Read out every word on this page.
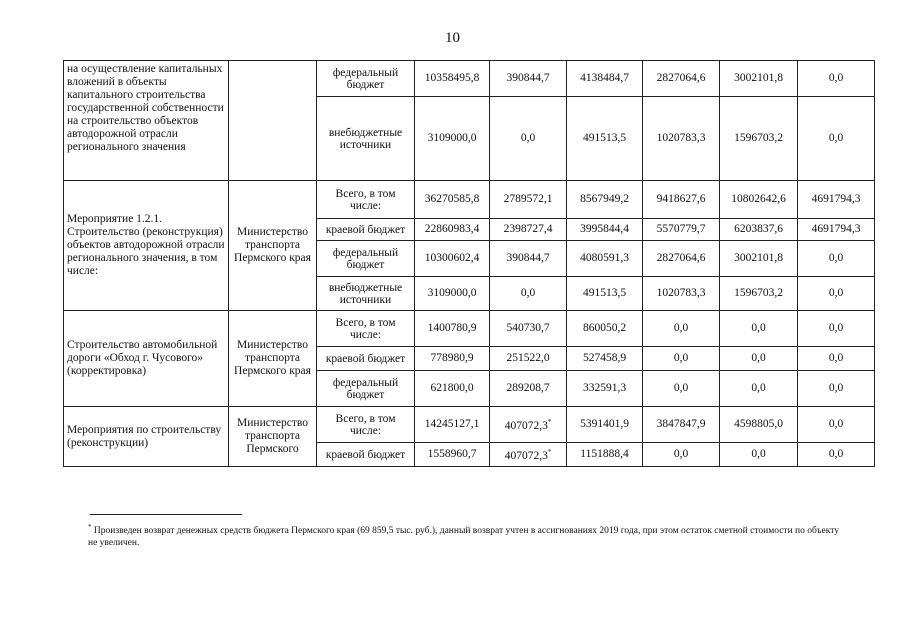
10
на осуществление капитальных вложений в объекты капитального строительства государственной собственности на строительство объектов автодорожной отрасли регионального значения		федеральный бюджет	10358495,8	390844,7	4138484,7	2827064,6	3002101,8	0,0
		внебюджетные источники	3109000,0	0,0	491513,5	1020783,3	1596703,2	0,0
Мероприятие 1.2.1. Строительство (реконструкция) объектов автодорожной отрасли регионального значения, в том числе:	Министерство транспорта Пермского края	Всего, в том числе:	36270585,8	2789572,1	8567949,2	9418627,6	10802642,6	4691794,3
		краевой бюджет	22860983,4	2398727,4	3995844,4	5570779,7	6203837,6	4691794,3
		федеральный бюджет	10300602,4	390844,7	4080591,3	2827064,6	3002101,8	0,0
		внебюджетные источники	3109000,0	0,0	491513,5	1020783,3	1596703,2	0,0
Строительство автомобильной дороги «Обход г. Чусового» (корректировка)	Министерство транспорта Пермского края	Всего, в том числе:	1400780,9	540730,7	860050,2	0,0	0,0	0,0
		краевой бюджет	778980,9	251522,0	527458,9	0,0	0,0	0,0
		федеральный бюджет	621800,0	289208,7	332591,3	0,0	0,0	0,0
Мероприятия по строительству (реконструкции)	Министерство транспорта Пермского	Всего, в том числе:	14245127,1	407072,3*	5391401,9	3847847,9	4598805,0	0,0
		краевой бюджет	1558960,7	407072,3*	1151888,4	0,0	0,0	0,0
* Произведен возврат денежных средств бюджета Пермского края (69 859,5 тыс. руб.), данный возврат учтен в ассигнованиях 2019 года, при этом остаток сметной стоимости по объекту не увеличен.
